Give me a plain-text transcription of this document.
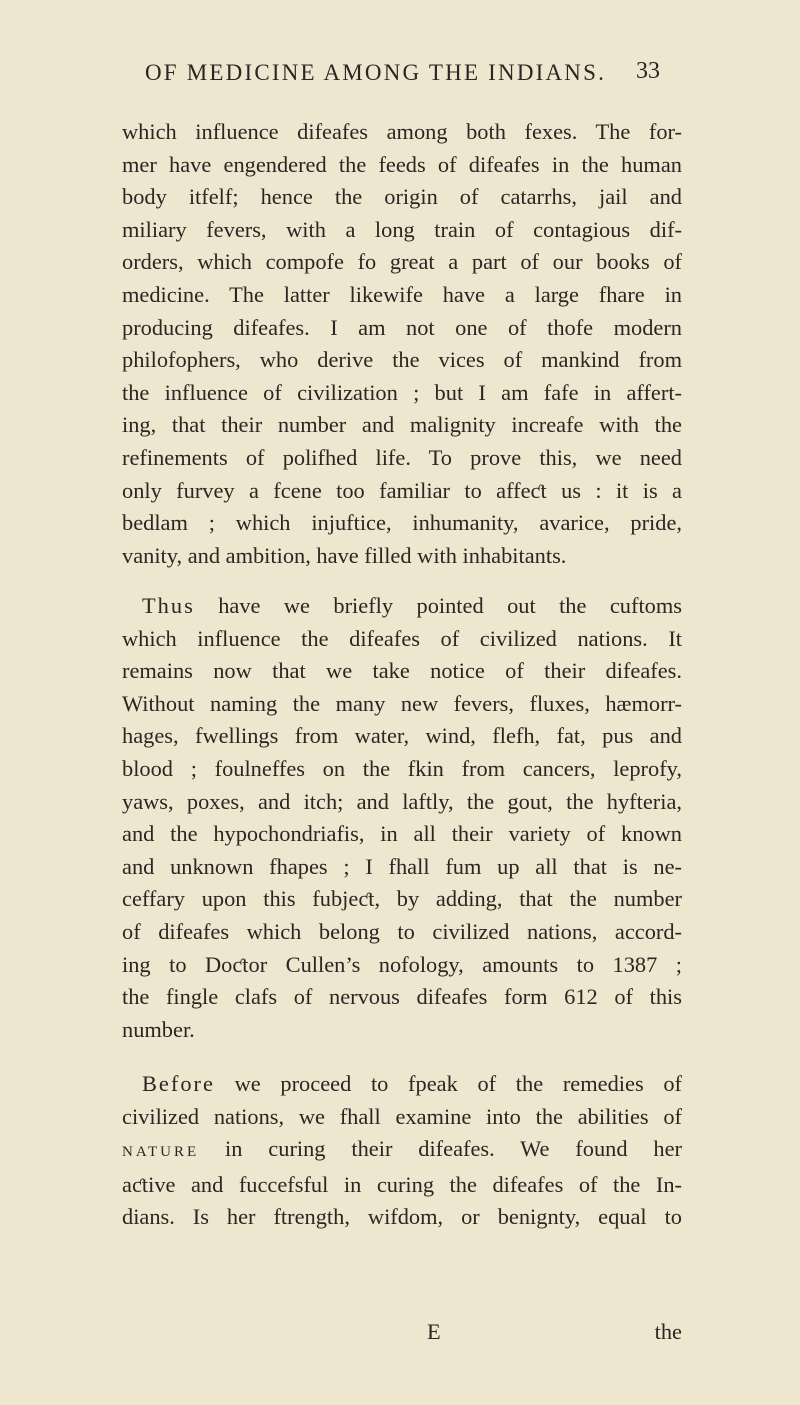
OF MEDICINE AMONG THE INDIANS.	33
which influence difeafes among both fexes. The for-
mer have engendered the feeds of difeafes in the human
body itfelf; hence the origin of catarrhs, jail and
miliary fevers, with a long train of contagious dif-
orders, which compofe fo great a part of our books of
medicine. The latter likewife have a large fhare in
producing difeafes. I am not one of thofe modern
philofophers, who derive the vices of mankind from
the influence of civilization ; but I am fafe in affert-
ing, that their number and malignity increafe with the
refinements of polifhed life. To prove this, we need
only furvey a fcene too familiar to affeƈt us : it is a
bedlam ; which injuftice, inhumanity, avarice, pride,
vanity, and ambition, have filled with inhabitants.
Thus have we briefly pointed out the cuftoms
which influence the difeafes of civilized nations. It
remains now that we take notice of their difeafes.
Without naming the many new fevers, fluxes, hæmorr-
hages, fwellings from water, wind, flefh, fat, pus and
blood ; foulneffes on the fkin from cancers, leprofy,
yaws, poxes, and itch; and laftly, the gout, the hyfteria,
and the hypochondriafis, in all their variety of known
and unknown fhapes ; I fhall fum up all that is ne-
ceffary upon this fubjeƈt, by adding, that the number
of difeafes which belong to civilized nations, accord-
ing to Doƈtor Cullen’s nofology, amounts to 1387 ;
the fingle clafs of nervous difeafes form 612 of this
number.
Before we proceed to fpeak of the remedies of
civilized nations, we fhall examine into the abilities of
NATURE in curing their difeafes. We found her
aƈtive and fuccefsful in curing the difeafes of the In-
dians. Is her ftrength, wifdom, or benignty, equal to
E	the
